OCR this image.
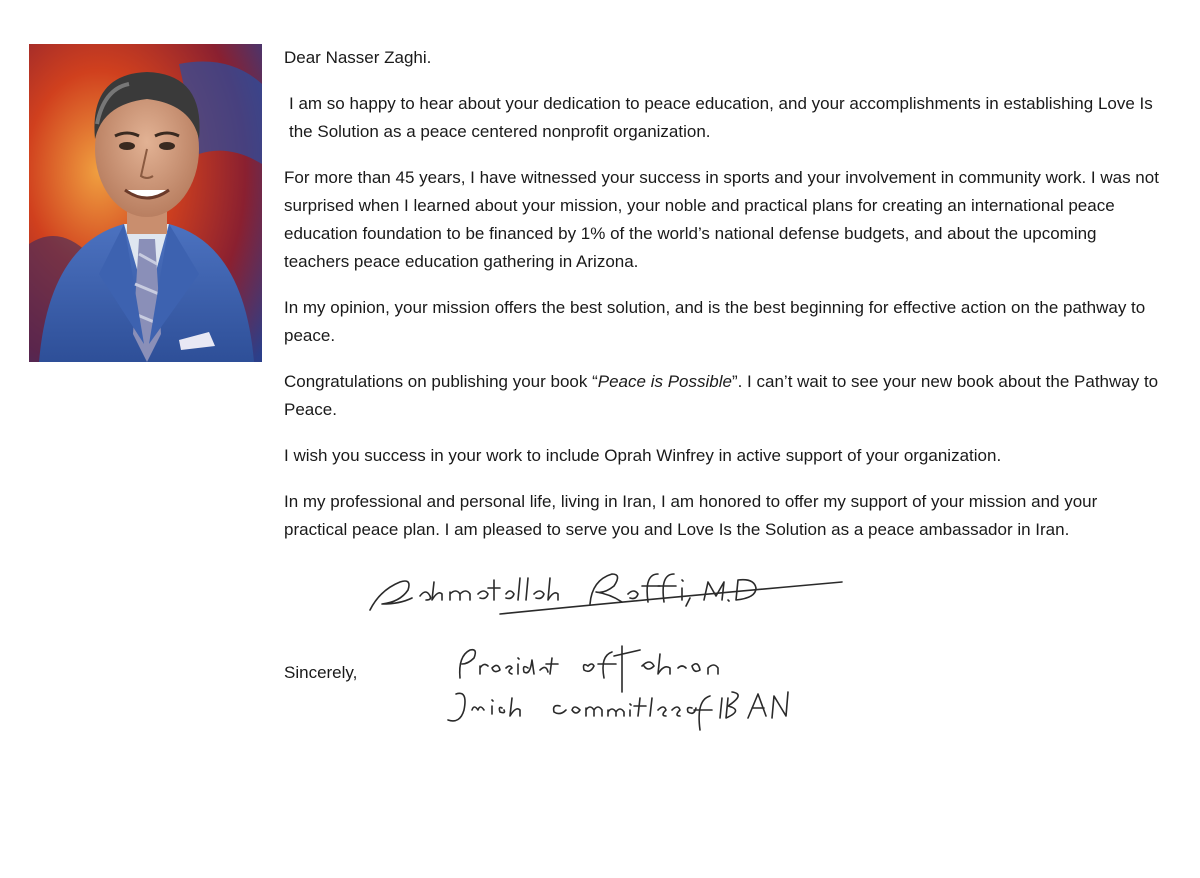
Dear Nasser Zaghi.

I am so happy to hear about your dedication to peace education, and your accomplishments in establishing Love Is the Solution as a peace centered nonprofit organization.

For more than 45 years, I have witnessed your success in sports and your involvement in community work. I was not surprised when I learned about your mission, your noble and practical plans for creating an international peace education foundation to be financed by 1% of the world’s national defense budgets, and about the upcoming teachers peace education gathering in Arizona.

In my opinion, your mission offers the best solution, and is the best beginning for effective action on the pathway to peace.

Congratulations on publishing your book “Peace is Possible”. I can’t wait to see your new book about the Pathway to Peace.

I wish you success in your work to include Oprah Winfrey in active support of your organization.

In my professional and personal life, living in Iran, I am honored to offer my support of your mission and your practical peace plan. I am pleased to serve you and Love Is the Solution as a peace ambassador in Iran.

Sincerely,
